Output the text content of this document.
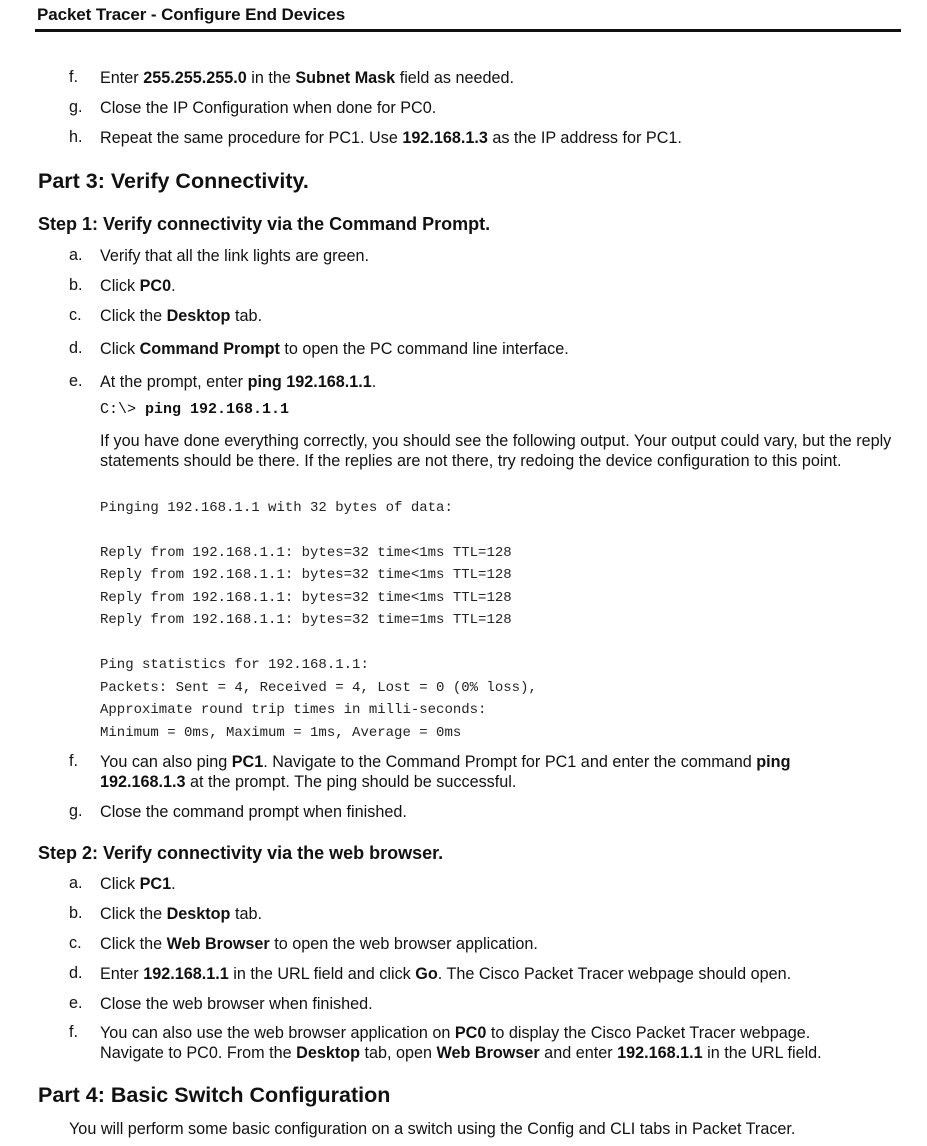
Packet Tracer - Configure End Devices
f. Enter 255.255.255.0 in the Subnet Mask field as needed.
g. Close the IP Configuration when done for PC0.
h. Repeat the same procedure for PC1. Use 192.168.1.3 as the IP address for PC1.
Part 3: Verify Connectivity.
Step 1: Verify connectivity via the Command Prompt.
a. Verify that all the link lights are green.
b. Click PC0.
c. Click the Desktop tab.
d. Click Command Prompt to open the PC command line interface.
e. At the prompt, enter ping 192.168.1.1.
C:\> ping 192.168.1.1
If you have done everything correctly, you should see the following output. Your output could vary, but the reply statements should be there. If the replies are not there, try redoing the device configuration to this point.
Pinging 192.168.1.1 with 32 bytes of data:
Reply from 192.168.1.1: bytes=32 time<1ms TTL=128
Reply from 192.168.1.1: bytes=32 time<1ms TTL=128
Reply from 192.168.1.1: bytes=32 time<1ms TTL=128
Reply from 192.168.1.1: bytes=32 time=1ms TTL=128
Ping statistics for 192.168.1.1:
Packets: Sent = 4, Received = 4, Lost = 0 (0% loss),
Approximate round trip times in milli-seconds:
Minimum = 0ms, Maximum = 1ms, Average = 0ms
f. You can also ping PC1. Navigate to the Command Prompt for PC1 and enter the command ping
192.168.1.3 at the prompt. The ping should be successful.
g. Close the command prompt when finished.
Step 2: Verify connectivity via the web browser.
a. Click PC1.
b. Click the Desktop tab.
c. Click the Web Browser to open the web browser application.
d. Enter 192.168.1.1 in the URL field and click Go. The Cisco Packet Tracer webpage should open.
e. Close the web browser when finished.
f. You can also use the web browser application on PC0 to display the Cisco Packet Tracer webpage.
Navigate to PC0. From the Desktop tab, open Web Browser and enter 192.168.1.1 in the URL field.
Part 4: Basic Switch Configuration
You will perform some basic configuration on a switch using the Config and CLI tabs in Packet Tracer.
